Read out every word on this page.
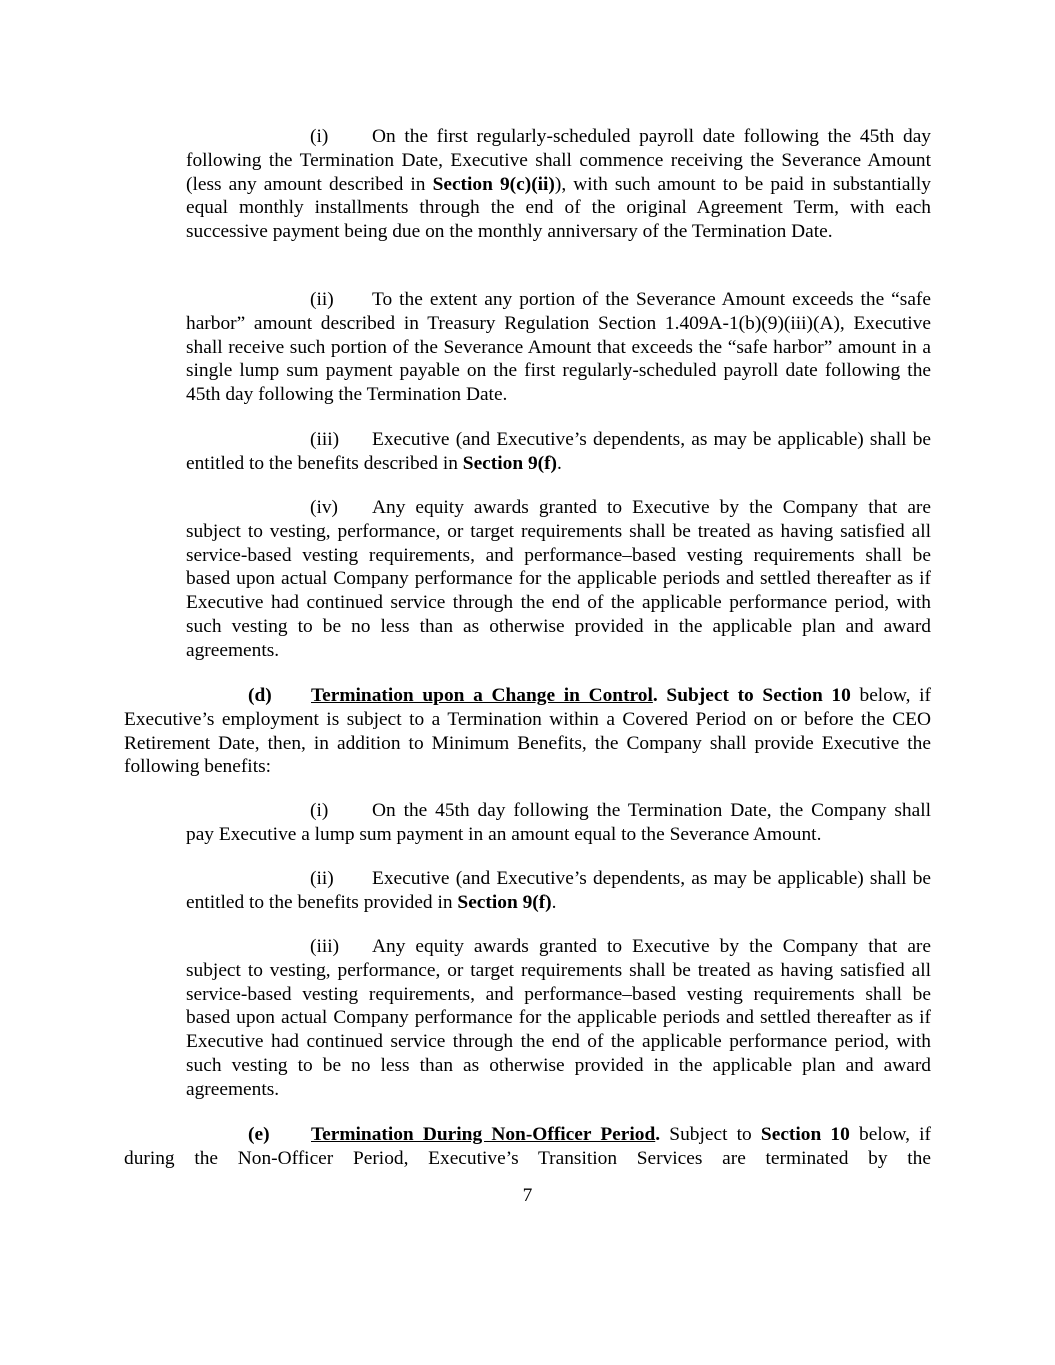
(i) On the first regularly-scheduled payroll date following the 45th day following the Termination Date, Executive shall commence receiving the Severance Amount (less any amount described in Section 9(c)(ii)), with such amount to be paid in substantially equal monthly installments through the end of the original Agreement Term, with each successive payment being due on the monthly anniversary of the Termination Date.

(ii) To the extent any portion of the Severance Amount exceeds the “safe harbor” amount described in Treasury Regulation Section 1.409A-1(b)(9)(iii)(A), Executive shall receive such portion of the Severance Amount that exceeds the “safe harbor” amount in a single lump sum payment payable on the first regularly-scheduled payroll date following the 45th day following the Termination Date.

(iii) Executive (and Executive’s dependents, as may be applicable) shall be entitled to the benefits described in Section 9(f).

(iv) Any equity awards granted to Executive by the Company that are subject to vesting, performance, or target requirements shall be treated as having satisfied all service-based vesting requirements, and performance–based vesting requirements shall be based upon actual Company performance for the applicable periods and settled thereafter as if Executive had continued service through the end of the applicable performance period, with such vesting to be no less than as otherwise provided in the applicable plan and award agreements.

(d) Termination upon a Change in Control. Subject to Section 10 below, if Executive’s employment is subject to a Termination within a Covered Period on or before the CEO Retirement Date, then, in addition to Minimum Benefits, the Company shall provide Executive the following benefits:

(i) On the 45th day following the Termination Date, the Company shall pay Executive a lump sum payment in an amount equal to the Severance Amount.

(ii) Executive (and Executive’s dependents, as may be applicable) shall be entitled to the benefits provided in Section 9(f).

(iii) Any equity awards granted to Executive by the Company that are subject to vesting, performance, or target requirements shall be treated as having satisfied all service-based vesting requirements, and performance–based vesting requirements shall be based upon actual Company performance for the applicable periods and settled thereafter as if Executive had continued service through the end of the applicable performance period, with such vesting to be no less than as otherwise provided in the applicable plan and award agreements.

(e) Termination During Non-Officer Period. Subject to Section 10 below, if during the Non-Officer Period, Executive’s Transition Services are terminated by the

7
